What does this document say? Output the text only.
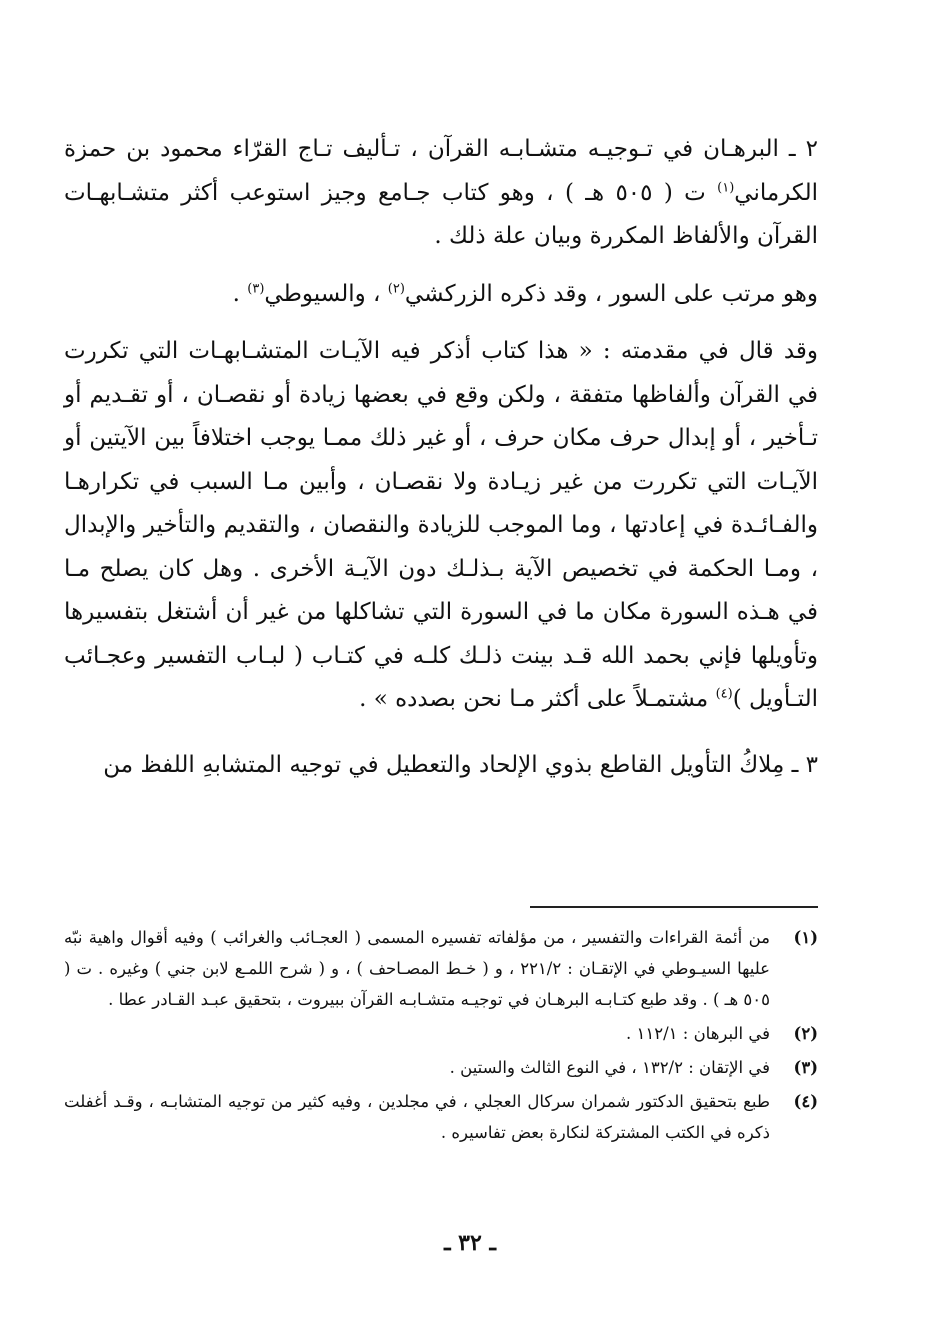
٢ ـ البرهـان في تـوجيـه متشـابـه القرآن ، تـأليف تـاج القرّاء محمود بن حمزة الكرماني$^{(١)}$ ت ( ٥٠٥ هـ ) ، وهو كتاب جـامع وجيز استوعب أكثر متشـابهـات القرآن والألفاظ المكررة وبيان علة ذلك .

وهو مرتب على السور ، وقد ذكره الزركشي$^{(٢)}$ ، والسيوطي$^{(٣)}$ .

وقد قال في مقدمته : « هذا كتاب أذكر فيه الآيـات المتشـابهـات التي تكررت في القرآن وألفاظها متفقة ، ولكن وقع في بعضها زيادة أو نقصـان ، أو تقـديم أو تـأخير ، أو إبدال حرف مكان حرف ، أو غير ذلك ممـا يوجب اختلافاً بين الآيتين أو الآيـات التي تكررت من غير زيـادة ولا نقصـان ، وأبين مـا السبب في تكرارهـا والفـائـدة في إعادتها ، وما الموجب للزيادة والنقصان ، والتقديم والتأخير والإبدال ، ومـا الحكمة في تخصيص الآية بـذلـك دون الآيـة الأخرى . وهل كان يصلح مـا في هـذه السورة مكان ما في السورة التي تشاكلها من غير أن أشتغل بتفسيرها وتأويلها فإني بحمد الله قـد بينت ذلـك كلـه في كتـاب ( لبـاب التفسير وعجـائب التـأويل )$^{(٤)}$ مشتمـلاً على أكثر مـا نحن بصدده » .

٣ ـ مِلاكُ التأويل القاطع بذوي الإلحاد والتعطيل في توجيه المتشابهِ اللفظ من

(١)
من أئمة القراءات والتفسير ، من مؤلفاته تفسيره المسمى ( العجـائب والغرائب ) وفيه أقوال واهية نبّه عليها السيـوطي في الإتقـان : ٢٢١/٢ ، و ( خـط المصـاحف ) ، و ( شرح اللمـع لابن جني ) وغيره . ت ( ٥٠٥ هـ ) . وقد طبع كتـابـه البرهـان في توجيـه متشـابـه القرآن ببيروت ، بتحقيق عبـد القـادر عطا .
(٢)
في البرهان : ١١٢/١ .
(٣)
في الإتقان : ١٣٢/٢ ، في النوع الثالث والستين .
(٤)
طبع بتحقيق الدكتور شمران سركال العجلي ، في مجلدين ، وفيه كثير من توجيه المتشابـه ، وقـد أغفلت ذكره في الكتب المشتركة لنكارة بعض تفاسيره .
ـ ٣٢ ـ
